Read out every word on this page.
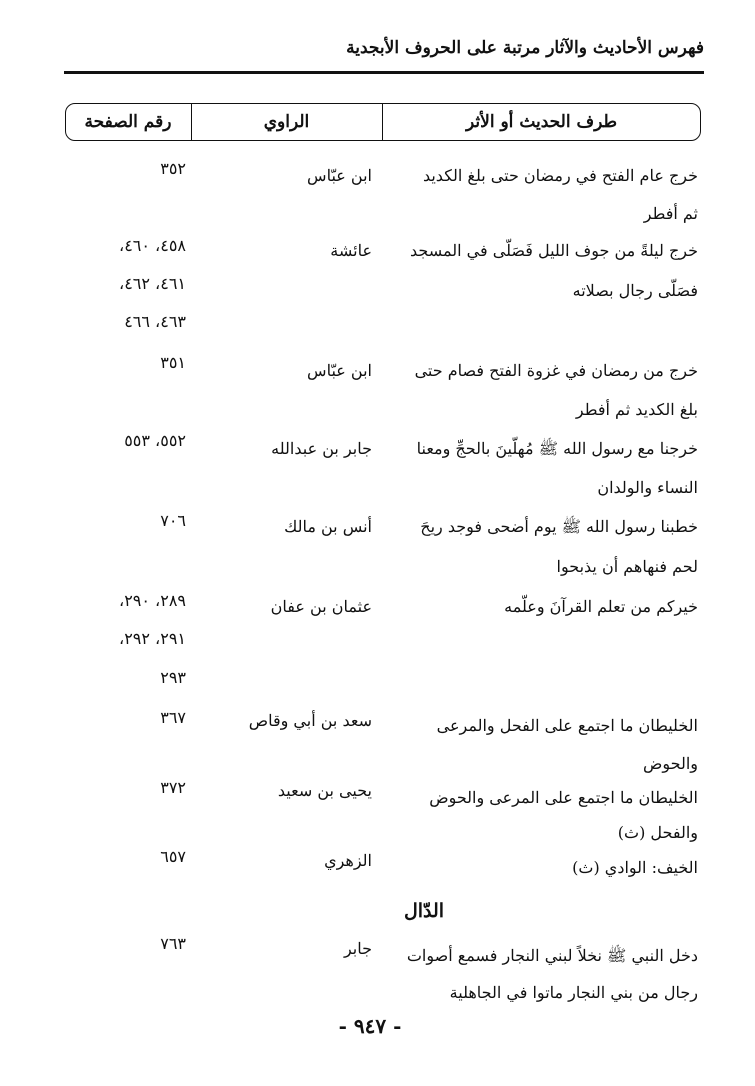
فهرس الأحاديث والآثار مرتبة على الحروف الأبجدية
طرف الحديث أو الأثر
الراوي
رقم الصفحة
خرج عام الفتح في رمضان حتى بلغ الكديد
ثم أفطر
ابن عبّاس
٣٥٢
خرج ليلةً من جوف الليل فَصَلّى في المسجد
فصَلّى رجال بصلاته
عائشة
٤٥٨، ٤٦٠،
٤٦١، ٤٦٢،
٤٦٣، ٤٦٦
خرج من رمضان في غزوة الفتح فصام حتى
بلغ الكديد ثم أفطر
ابن عبّاس
٣٥١
خرجنا مع رسول الله ﷺ مُهلّينَ بالحجِّ ومعنا
النساء والولدان
جابر بن عبدالله
٥٥٢، ٥٥٣
خطبنا رسول الله ﷺ يوم أضحى فوجد ريحَ
لحم فنهاهم أن يذبحوا
أنس بن مالك
٧٠٦
خيركم من تعلم القرآنَ وعلّمه
عثمان بن عفان
٢٨٩، ٢٩٠،
٢٩١، ٢٩٢،
٢٩٣
الخليطان ما اجتمع على الفحل والمرعى
والحوض
سعد بن أبي وقاص
٣٦٧
الخليطان ما اجتمع على المرعى والحوض
والفحل (ث)
يحيى بن سعيد
٣٧٢
الخيف: الوادي (ث)
الزهري
٦٥٧
الدّال
دخل النبي ﷺ نخلاً لبني النجار فسمع أصوات
رجال من بني النجار ماتوا في الجاهلية
جابر
٧٦٣
- ٩٤٧ -
